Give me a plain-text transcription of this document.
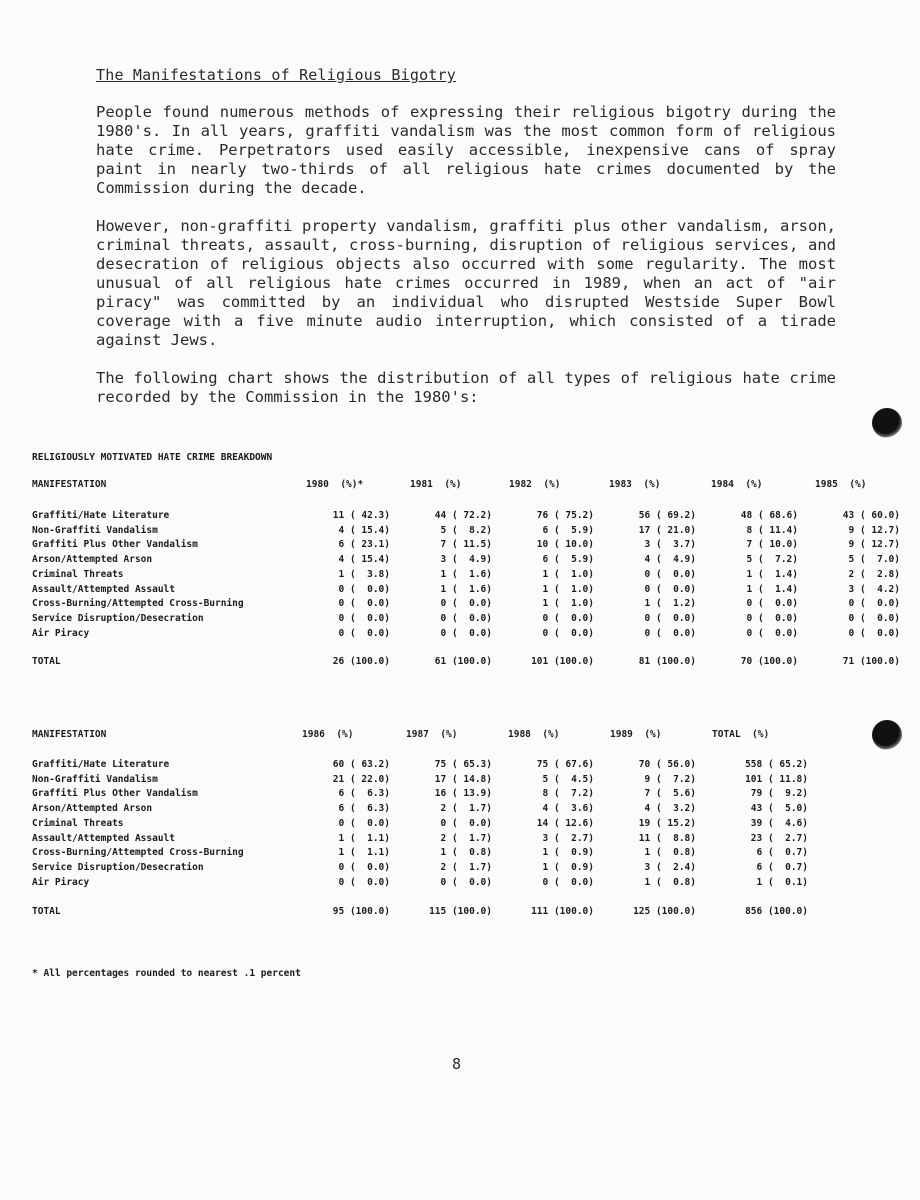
The Manifestations of Religious Bigotry

People found numerous methods of expressing their religious bigotry during the 1980's. In all years, graffiti vandalism was the most common form of religious hate crime. Perpetrators used easily accessible, inexpensive cans of spray paint in nearly two-thirds of all religious hate crimes documented by the Commission during the decade.

However, non-graffiti property vandalism, graffiti plus other vandalism, arson, criminal threats, assault, cross-burning, disruption of religious services, and desecration of religious objects also occurred with some regularity. The most unusual of all religious hate crimes occurred in 1989, when an act of "air piracy" was committed by an individual who disrupted Westside Super Bowl coverage with a five minute audio interruption, which consisted of a tirade against Jews.

The following chart shows the distribution of all types of religious hate crime recorded by the Commission in the 1980's:

RELIGIOUSLY MOTIVATED HATE CRIME BREAKDOWN
MANIFESTATION	1980  (%)*	1981  (%)	1982  (%)	1983  (%)	1984  (%)	1985  (%)
Graffiti/Hate Literature	11 ( 42.3)	44 ( 72.2)	76 ( 75.2)	56 ( 69.2)	48 ( 68.6)	43 ( 60.0)
Non-Graffiti Vandalism	4 ( 15.4)	5 (  8.2)	6 (  5.9)	17 ( 21.0)	8 ( 11.4)	9 ( 12.7)
Graffiti Plus Other Vandalism	6 ( 23.1)	7 ( 11.5)	10 ( 10.0)	3 (  3.7)	7 ( 10.0)	9 ( 12.7)
Arson/Attempted Arson	4 ( 15.4)	3 (  4.9)	6 (  5.9)	4 (  4.9)	5 (  7.2)	5 (  7.0)
Criminal Threats	1 (  3.8)	1 (  1.6)	1 (  1.0)	0 (  0.0)	1 (  1.4)	2 (  2.8)
Assault/Attempted Assault	0 (  0.0)	1 (  1.6)	1 (  1.0)	0 (  0.0)	1 (  1.4)	3 (  4.2)
Cross-Burning/Attempted Cross-Burning	0 (  0.0)	0 (  0.0)	1 (  1.0)	1 (  1.2)	0 (  0.0)	0 (  0.0)
Service Disruption/Desecration	0 (  0.0)	0 (  0.0)	0 (  0.0)	0 (  0.0)	0 (  0.0)	0 (  0.0)
Air Piracy	0 (  0.0)	0 (  0.0)	0 (  0.0)	0 (  0.0)	0 (  0.0)	0 (  0.0)
TOTAL	26 (100.0)	61 (100.0)	101 (100.0)	81 (100.0)	70 (100.0)	71 (100.0)
MANIFESTATION	1986  (%)	1987  (%)	1988  (%)	1989  (%)	TOTAL  (%)
Graffiti/Hate Literature	60 ( 63.2)	75 ( 65.3)	75 ( 67.6)	70 ( 56.0)	558 ( 65.2)
Non-Graffiti Vandalism	21 ( 22.0)	17 ( 14.8)	5 (  4.5)	9 (  7.2)	101 ( 11.8)
Graffiti Plus Other Vandalism	6 (  6.3)	16 ( 13.9)	8 (  7.2)	7 (  5.6)	79 (  9.2)
Arson/Attempted Arson	6 (  6.3)	2 (  1.7)	4 (  3.6)	4 (  3.2)	43 (  5.0)
Criminal Threats	0 (  0.0)	0 (  0.0)	14 ( 12.6)	19 ( 15.2)	39 (  4.6)
Assault/Attempted Assault	1 (  1.1)	2 (  1.7)	3 (  2.7)	11 (  8.8)	23 (  2.7)
Cross-Burning/Attempted Cross-Burning	1 (  1.1)	1 (  0.8)	1 (  0.9)	1 (  0.8)	6 (  0.7)
Service Disruption/Desecration	0 (  0.0)	2 (  1.7)	1 (  0.9)	3 (  2.4)	6 (  0.7)
Air Piracy	0 (  0.0)	0 (  0.0)	0 (  0.0)	1 (  0.8)	1 (  0.1)
TOTAL	95 (100.0)	115 (100.0)	111 (100.0)	125 (100.0)	856 (100.0)
* All percentages rounded to nearest .1 percent
8
